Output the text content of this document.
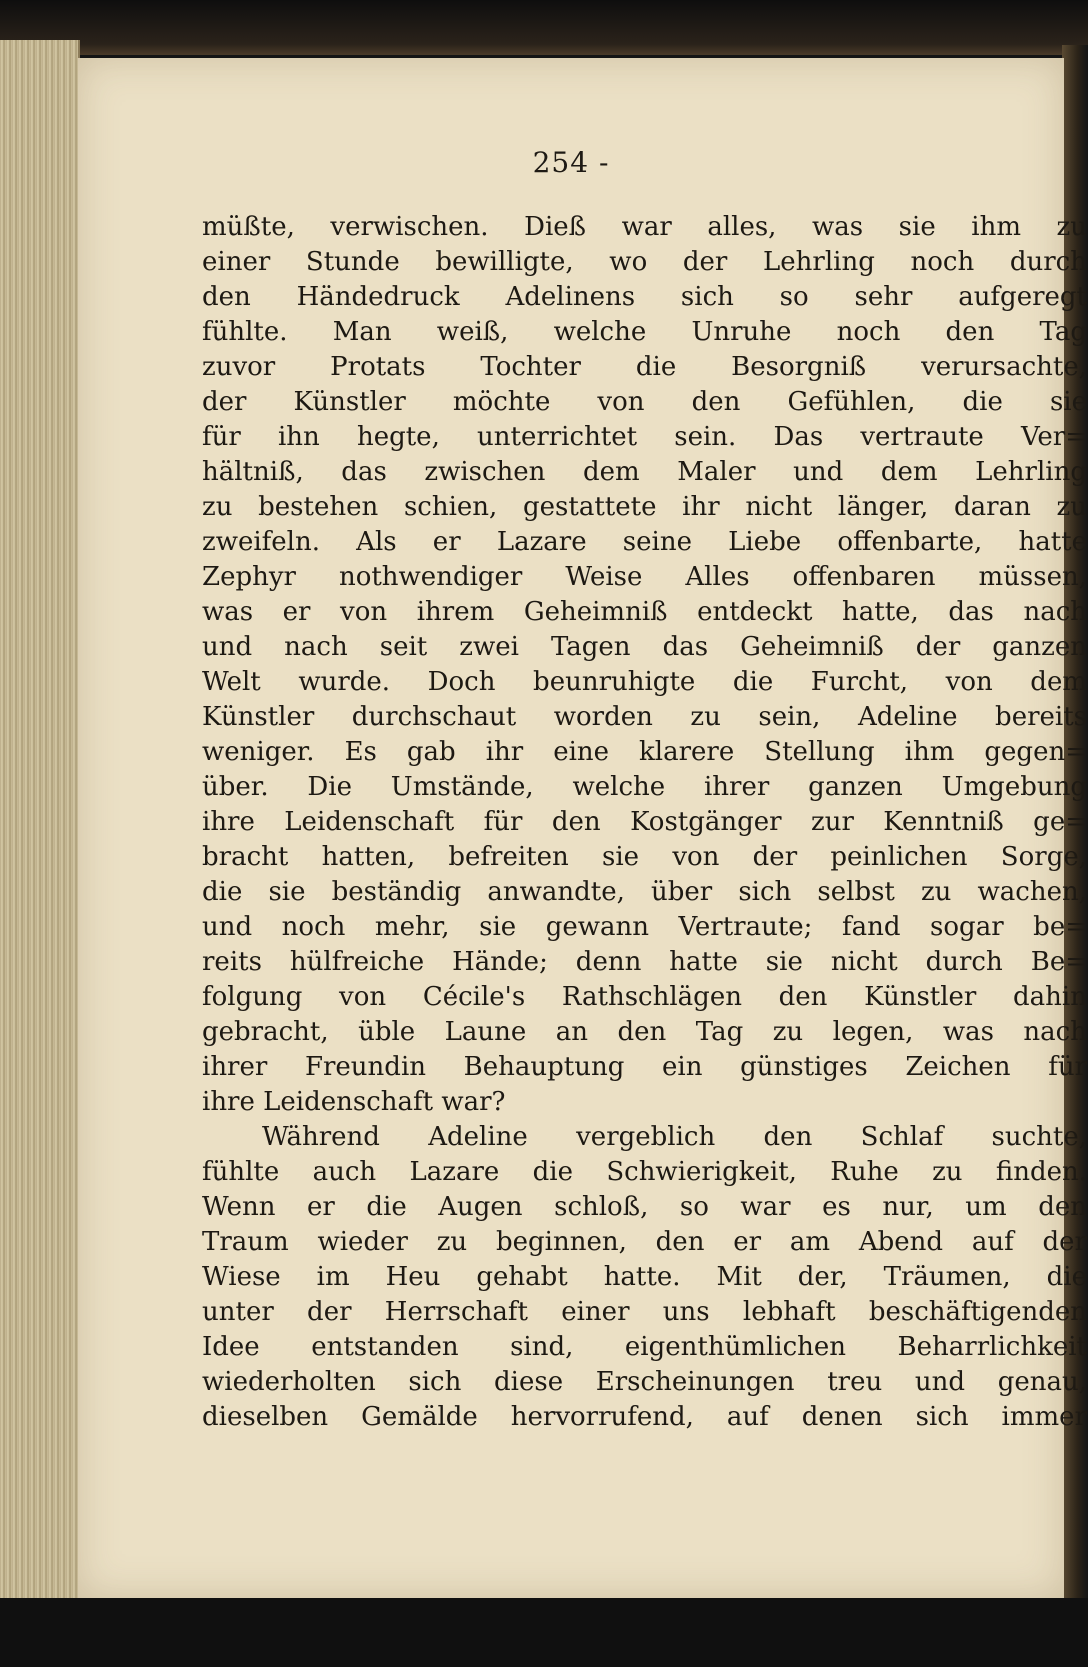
254 -
müßte, verwischen. Dieß war alles, was sie ihm zu
einer Stunde bewilligte, wo der Lehrling noch durch
den Händedruck Adelinens sich so sehr aufgeregt
fühlte. Man weiß, welche Unruhe noch den Tag
zuvor Protats Tochter die Besorgniß verursachte,
der Künstler möchte von den Gefühlen, die sie
für ihn hegte, unterrichtet sein. Das vertraute Ver=
hältniß, das zwischen dem Maler und dem Lehrling
zu bestehen schien, gestattete ihr nicht länger, daran zu
zweifeln. Als er Lazare seine Liebe offenbarte, hatte
Zephyr nothwendiger Weise Alles offenbaren müssen,
was er von ihrem Geheimniß entdeckt hatte, das nach
und nach seit zwei Tagen das Geheimniß der ganzen
Welt wurde. Doch beunruhigte die Furcht, von dem
Künstler durchschaut worden zu sein, Adeline bereits
weniger. Es gab ihr eine klarere Stellung ihm gegen=
über. Die Umstände, welche ihrer ganzen Umgebung
ihre Leidenschaft für den Kostgänger zur Kenntniß ge=
bracht hatten, befreiten sie von der peinlichen Sorge,
die sie beständig anwandte, über sich selbst zu wachen,
und noch mehr, sie gewann Vertraute; fand sogar be=
reits hülfreiche Hände; denn hatte sie nicht durch Be=
folgung von Cécile's Rathschlägen den Künstler dahin
gebracht, üble Laune an den Tag zu legen, was nach
ihrer Freundin Behauptung ein günstiges Zeichen für
ihre Leidenschaft war?
Während Adeline vergeblich den Schlaf suchte,
fühlte auch Lazare die Schwierigkeit, Ruhe zu finden.
Wenn er die Augen schloß, so war es nur, um den
Traum wieder zu beginnen, den er am Abend auf der
Wiese im Heu gehabt hatte. Mit der, Träumen, die
unter der Herrschaft einer uns lebhaft beschäftigenden
Idee entstanden sind, eigenthümlichen Beharrlichkeit
wiederholten sich diese Erscheinungen treu und genau,
dieselben Gemälde hervorrufend, auf denen sich immer
